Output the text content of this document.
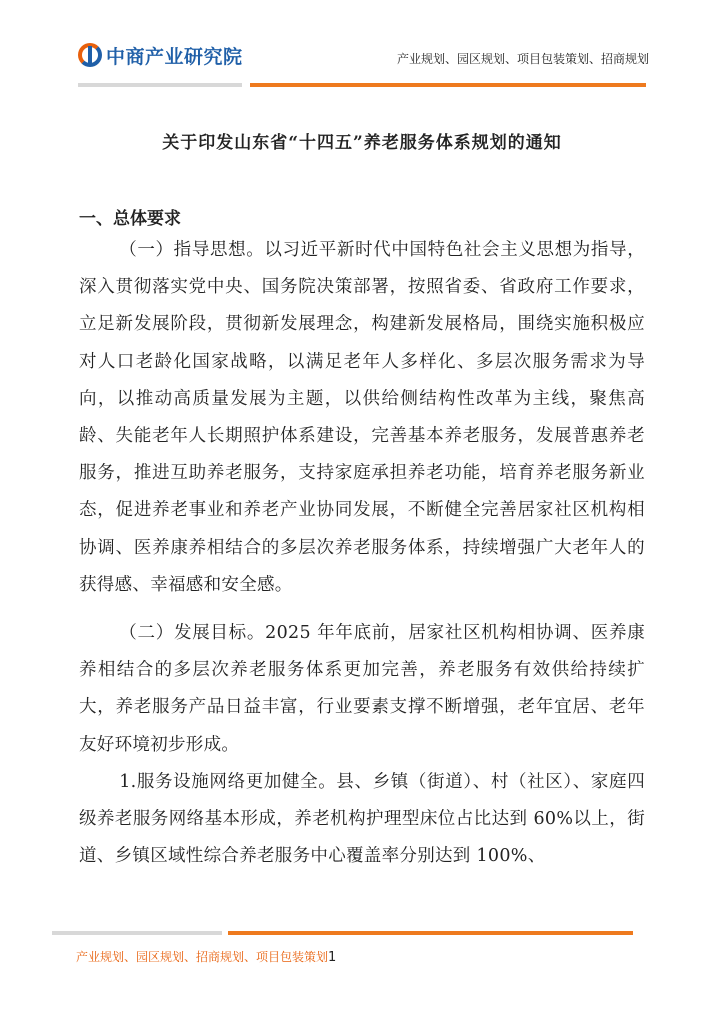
中商产业研究院	产业规划、园区规划、项目包装策划、招商规划
关于印发山东省“十四五”养老服务体系规划的通知
一、总体要求

（一）指导思想。以习近平新时代中国特色社会主义思想为指导，深入贯彻落实党中央、国务院决策部署，按照省委、省政府工作要求，立足新发展阶段，贯彻新发展理念，构建新发展格局，围绕实施积极应对人口老龄化国家战略，以满足老年人多样化、多层次服务需求为导向，以推动高质量发展为主题，以供给侧结构性改革为主线，聚焦高龄、失能老年人长期照护体系建设，完善基本养老服务，发展普惠养老服务，推进互助养老服务，支持家庭承担养老功能，培育养老服务新业态，促进养老事业和养老产业协同发展，不断健全完善居家社区机构相协调、医养康养相结合的多层次养老服务体系，持续增强广大老年人的获得感、幸福感和安全感。

（二）发展目标。2025 年年底前，居家社区机构相协调、医养康养相结合的多层次养老服务体系更加完善，养老服务有效供给持续扩大，养老服务产品日益丰富，行业要素支撑不断增强，老年宜居、老年友好环境初步形成。

1.服务设施网络更加健全。县、乡镇（街道）、村（社区）、家庭四级养老服务网络基本形成，养老机构护理型床位占比达到 60%以上，街道、乡镇区域性综合养老服务中心覆盖率分别达到 100%、

产业规划、园区规划、招商规划、项目包装策划1
